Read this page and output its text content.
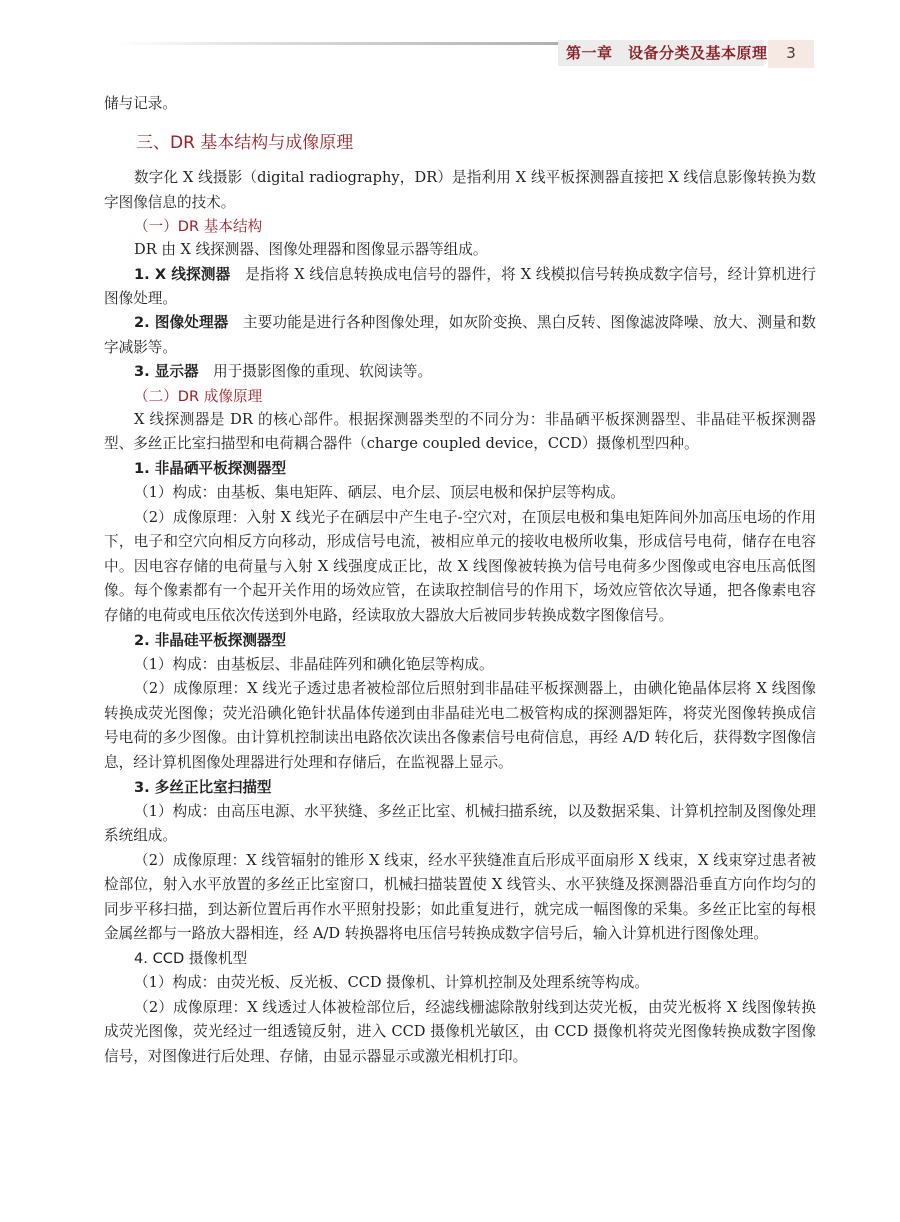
第一章　设备分类及基本原理	3

储与记录。

三、DR 基本结构与成像原理

数字化 X 线摄影（digital radiography，DR）是指利用 X 线平板探测器直接把 X 线信息影像转换为数字图像信息的技术。

（一）DR 基本结构

DR 由 X 线探测器、图像处理器和图像显示器等组成。

1. X 线探测器　是指将 X 线信息转换成电信号的器件，将 X 线模拟信号转换成数字信号，经计算机进行图像处理。

2. 图像处理器　主要功能是进行各种图像处理，如灰阶变换、黑白反转、图像滤波降噪、放大、测量和数字减影等。

3. 显示器　用于摄影图像的重现、软阅读等。

（二）DR 成像原理

X 线探测器是 DR 的核心部件。根据探测器类型的不同分为：非晶硒平板探测器型、非晶硅平板探测器型、多丝正比室扫描型和电荷耦合器件（charge coupled device，CCD）摄像机型四种。

1. 非晶硒平板探测器型

（1）构成：由基板、集电矩阵、硒层、电介层、顶层电极和保护层等构成。

（2）成像原理：入射 X 线光子在硒层中产生电子-空穴对，在顶层电极和集电矩阵间外加高压电场的作用下，电子和空穴向相反方向移动，形成信号电流，被相应单元的接收电极所收集，形成信号电荷，储存在电容中。因电容存储的电荷量与入射 X 线强度成正比，故 X 线图像被转换为信号电荷多少图像或电容电压高低图像。每个像素都有一个起开关作用的场效应管，在读取控制信号的作用下，场效应管依次导通，把各像素电容存储的电荷或电压依次传送到外电路，经读取放大器放大后被同步转换成数字图像信号。

2. 非晶硅平板探测器型

（1）构成：由基板层、非晶硅阵列和碘化铯层等构成。

（2）成像原理：X 线光子透过患者被检部位后照射到非晶硅平板探测器上，由碘化铯晶体层将 X 线图像转换成荧光图像；荧光沿碘化铯针状晶体传递到由非晶硅光电二极管构成的探测器矩阵，将荧光图像转换成信号电荷的多少图像。由计算机控制读出电路依次读出各像素信号电荷信息，再经 A/D 转化后，获得数字图像信息，经计算机图像处理器进行处理和存储后，在监视器上显示。

3. 多丝正比室扫描型

（1）构成：由高压电源、水平狭缝、多丝正比室、机械扫描系统，以及数据采集、计算机控制及图像处理系统组成。

（2）成像原理：X 线管辐射的锥形 X 线束，经水平狭缝准直后形成平面扇形 X 线束，X 线束穿过患者被检部位，射入水平放置的多丝正比室窗口，机械扫描装置使 X 线管头、水平狭缝及探测器沿垂直方向作均匀的同步平移扫描，到达新位置后再作水平照射投影；如此重复进行，就完成一幅图像的采集。多丝正比室的每根金属丝都与一路放大器相连，经 A/D 转换器将电压信号转换成数字信号后，输入计算机进行图像处理。

4. CCD 摄像机型

（1）构成：由荧光板、反光板、CCD 摄像机、计算机控制及处理系统等构成。

（2）成像原理：X 线透过人体被检部位后，经滤线栅滤除散射线到达荧光板，由荧光板将 X 线图像转换成荧光图像，荧光经过一组透镜反射，进入 CCD 摄像机光敏区，由 CCD 摄像机将荧光图像转换成数字图像信号，对图像进行后处理、存储，由显示器显示或激光相机打印。
